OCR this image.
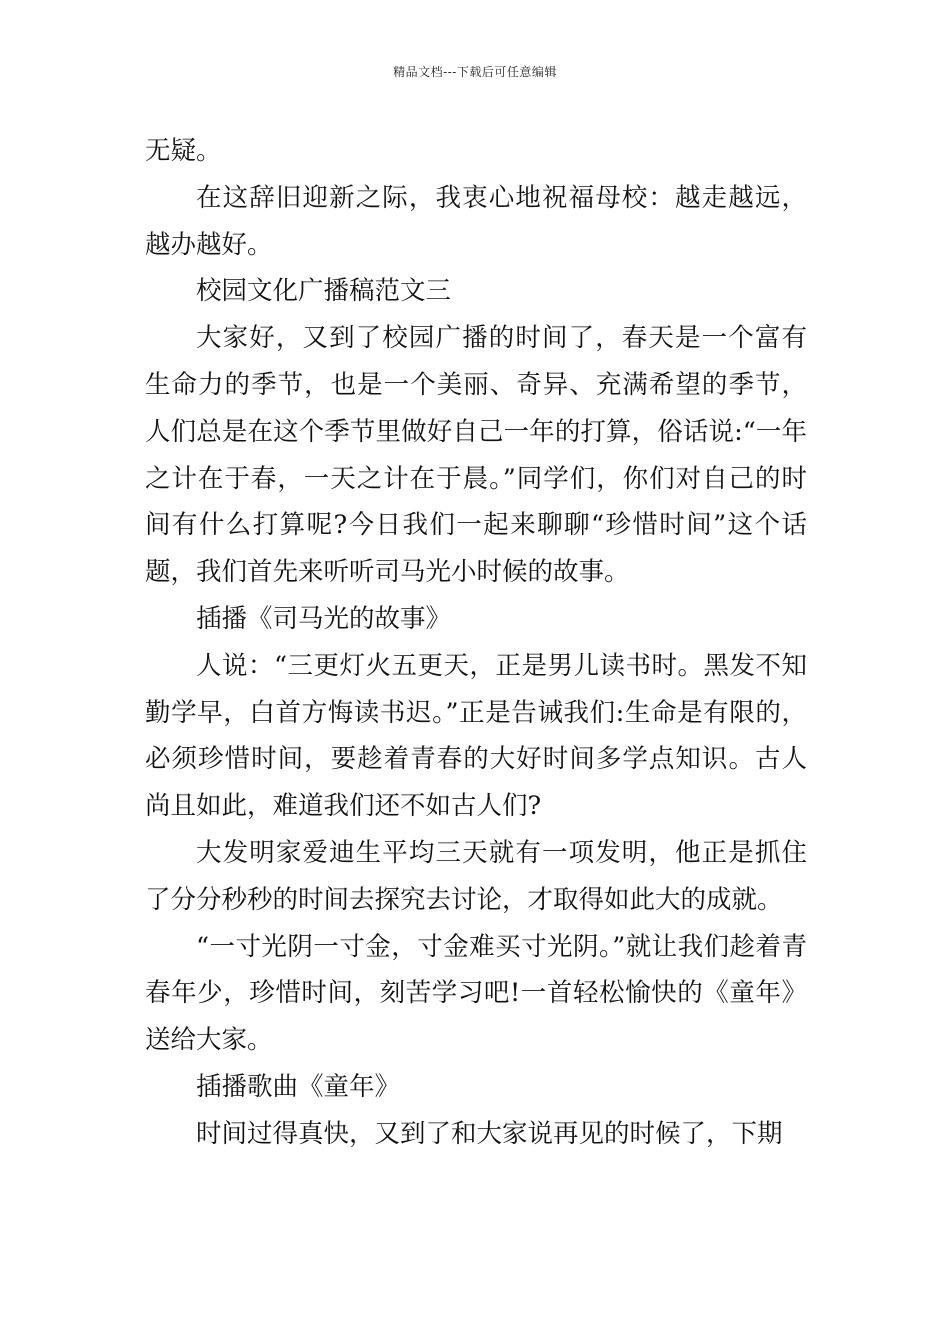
精品文档---下载后可任意编辑

无疑。

在这辞旧迎新之际，我衷心地祝福母校：越走越远，越办越好。

校园文化广播稿范文三

大家好，又到了校园广播的时间了，春天是一个富有生命力的季节，也是一个美丽、奇异、充满希望的季节，人们总是在这个季节里做好自己一年的打算，俗话说:“一年之计在于春，一天之计在于晨。”同学们，你们对自己的时间有什么打算呢?今日我们一起来聊聊“珍惜时间”这个话题，我们首先来听听司马光小时候的故事。

插播《司马光的故事》

人说：“三更灯火五更天，正是男儿读书时。黑发不知勤学早，白首方悔读书迟。”正是告诫我们:生命是有限的，必须珍惜时间，要趁着青春的大好时间多学点知识。古人尚且如此，难道我们还不如古人们?

大发明家爱迪生平均三天就有一项发明，他正是抓住了分分秒秒的时间去探究去讨论，才取得如此大的成就。

“一寸光阴一寸金，寸金难买寸光阴。”就让我们趁着青春年少，珍惜时间，刻苦学习吧!一首轻松愉快的《童年》送给大家。

插播歌曲《童年》

时间过得真快，又到了和大家说再见的时候了，下期
